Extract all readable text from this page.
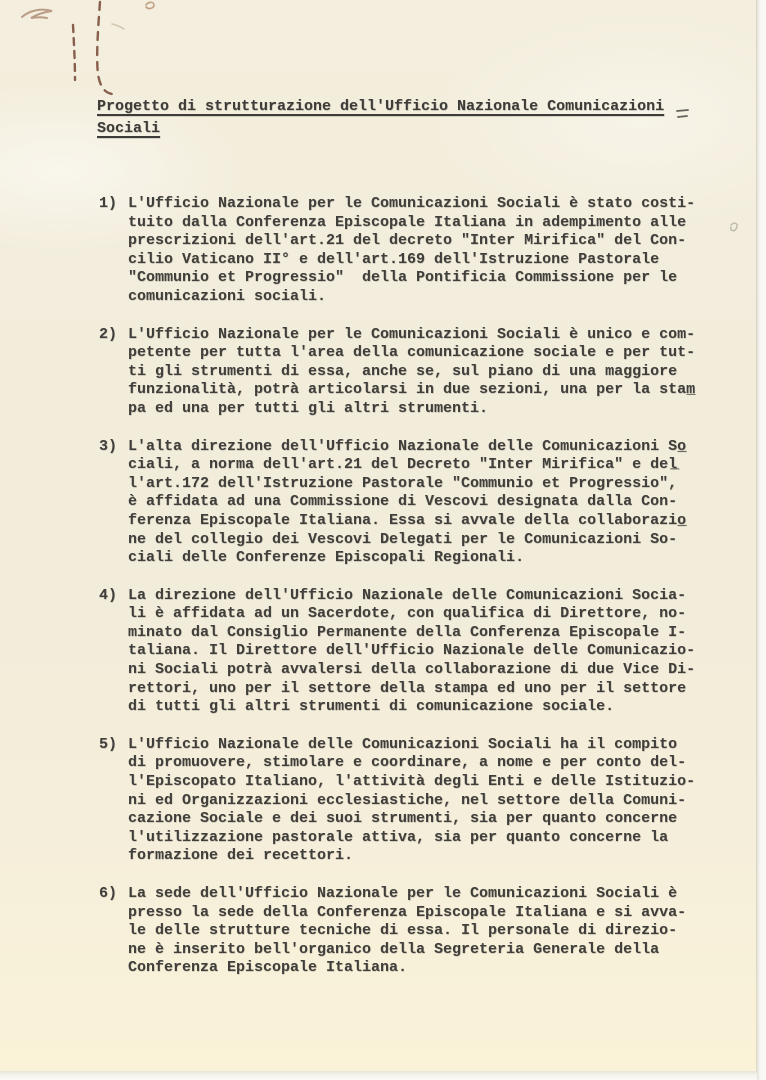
Progetto di strutturazione dell'Ufficio Nazionale Comunicazioni
Sociali
1) L'Ufficio Nazionale per le Comunicazioni Sociali è stato costi-
tuito dalla Conferenza Episcopale Italiana in adempimento alle
prescrizioni dell'art.21 del decreto "Inter Mirifica" del Con-
cilio Vaticano II° e dell'art.169 dell'Istruzione Pastorale
"Communio et Progressio"  della Pontificia Commissione per le
comunicazioni sociali.
2) L'Ufficio Nazionale per le Comunicazioni Sociali è unico e com-
petente per tutta l'area della comunicazione sociale e per tut-
ti gli strumenti di essa, anche se, sul piano di una maggiore
funzionalità, potrà articolarsi in due sezioni, una per la stam̲
pa ed una per tutti gli altri strumenti.
3) L'alta direzione dell'Ufficio Nazionale delle Comunicazioni So̲
ciali, a norma dell'art.21 del Decreto "Inter Mirifica" e del̲
l'art.172 dell'Istruzione Pastorale "Communio et Progressio",
è affidata ad una Commissione di Vescovi designata dalla Con-
ferenza Episcopale Italiana. Essa si avvale della collaborazio̲
ne del collegio dei Vescovi Delegati per le Comunicazioni So-
ciali delle Conferenze Episcopali Regionali.
4) La direzione dell'Ufficio Nazionale delle Comunicazioni Socia-
li è affidata ad un Sacerdote, con qualifica di Direttore, no-
minato dal Consiglio Permanente della Conferenza Episcopale I-
taliana. Il Direttore dell'Ufficio Nazionale delle Comunicazio-
ni Sociali potrà avvalersi della collaborazione di due Vice Di-
rettori, uno per il settore della stampa ed uno per il settore
di tutti gli altri strumenti di comunicazione sociale.
5) L'Ufficio Nazionale delle Comunicazioni Sociali ha il compito
di promuovere, stimolare e coordinare, a nome e per conto del-
l'Episcopato Italiano, l'attività degli Enti e delle Istituzio-
ni ed Organizzazioni ecclesiastiche, nel settore della Comuni-
cazione Sociale e dei suoi strumenti, sia per quanto concerne
l'utilizzazione pastorale attiva, sia per quanto concerne la
formazione dei recettori.
6) La sede dell'Ufficio Nazionale per le Comunicazioni Sociali è
presso la sede della Conferenza Episcopale Italiana e si avva-
le delle strutture tecniche di essa. Il personale di direzio-
ne è inserito bell'organico della Segreteria Generale della
Conferenza Episcopale Italiana.
